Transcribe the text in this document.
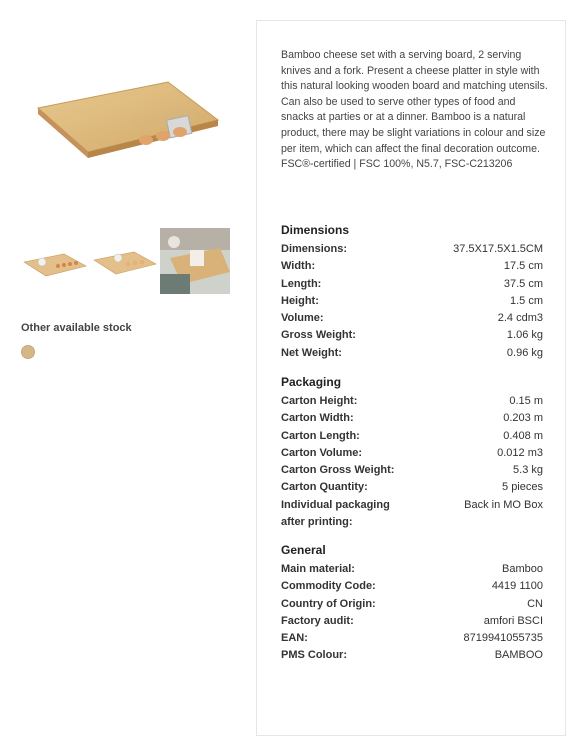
Other available stock

Bamboo cheese set with a serving board, 2 serving knives and a fork. Present a cheese platter in style with this natural looking wooden board and matching utensils. Can also be used to serve other types of food and snacks at parties or at a dinner. Bamboo is a natural product, there may be slight variations in colour and size per item, which can affect the final decoration outcome. FSC®-certified | FSC 100%, N5.7, FSC-C213206

Dimensions
Dimensions:	37.5X17.5X1.5CM
Width:	17.5 cm
Length:	37.5 cm
Height:	1.5 cm
Volume:	2.4 cdm3
Gross Weight:	1.06 kg
Net Weight:	0.96 kg
Packaging
Carton Height:	0.15 m
Carton Width:	0.203 m
Carton Length:	0.408 m
Carton Volume:	0.012 m3
Carton Gross Weight:	5.3 kg
Carton Quantity:	5 pieces
Individual packaging after printing:
Back in MO Box
General
Main material:	Bamboo
Commodity Code:	4419 1100
Country of Origin:	CN
Factory audit:	amfori BSCI
EAN:	8719941055735
PMS Colour:	BAMBOO
